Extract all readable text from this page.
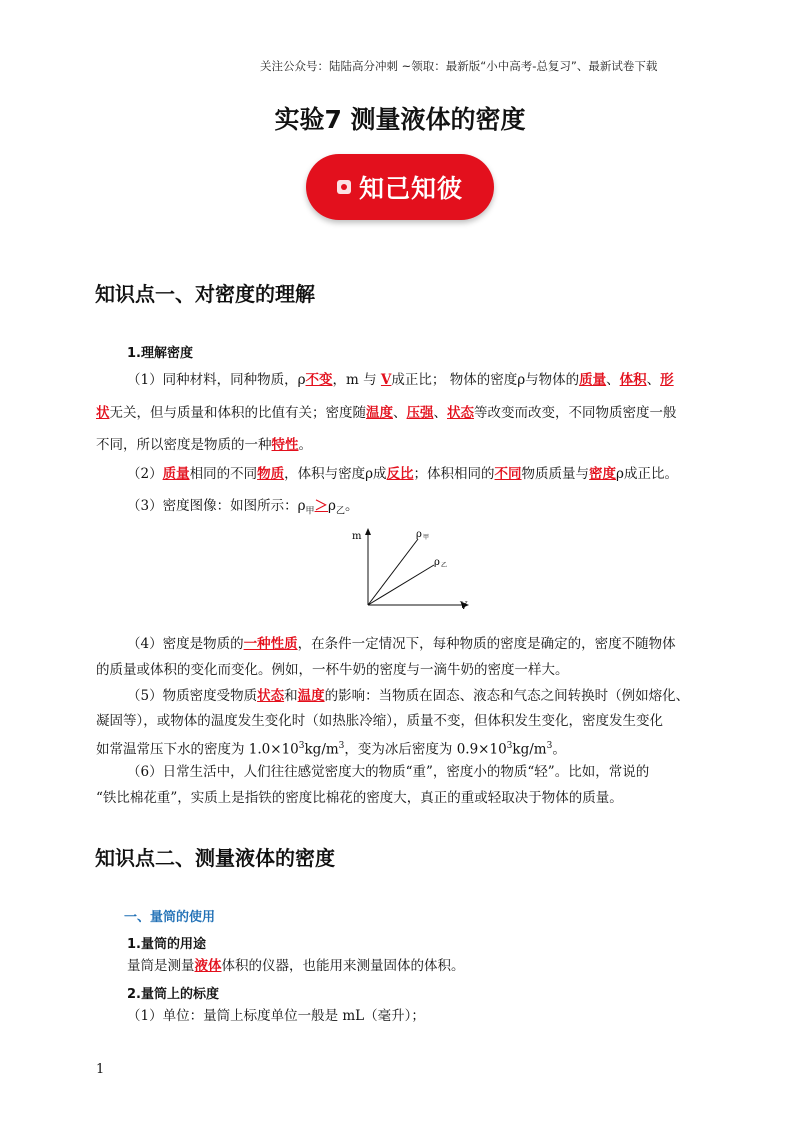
关注公众号：陆陆高分冲刺 ~领取：最新版“小中高考-总复习”、最新试卷下载
实验7 测量液体的密度
知己知彼
知识点一、对密度的理解
1.理解密度
（1）同种材料，同种物质，ρ不变，m 与 V成正比； 物体的密度ρ与物体的质量、体积、形
状无关，但与质量和体积的比值有关；密度随温度、压强、状态等改变而改变，不同物质密度一般
不同，所以密度是物质的一种特性。
（2）质量相同的不同物质，体积与密度ρ成反比；体积相同的不同物质质量与密度ρ成正比。
（3）密度图像：如图所示：$\rho_甲>\rho_乙$。
m
V
ρ 甲
ρ 乙
（4）密度是物质的一种性质，在条件一定情况下，每种物质的密度是确定的，密度不随物体
的质量或体积的变化而变化。例如，一杯牛奶的密度与一滴牛奶的密度一样大。
（5）物质密度受物质状态和温度的影响：当物质在固态、液态和气态之间转换时（例如熔化、
凝固等），或物体的温度发生变化时（如热胀冷缩），质量不变，但体积发生变化，密度发生变化
如常温常压下水的密度为 $1.0\times 10^3kg/m^3$，变为冰后密度为 $0.9\times 10^3kg/m^3$。
（6）日常生活中，人们往往感觉密度大的物质“重”，密度小的物质“轻”。比如，常说的
“铁比棉花重”，实质上是指铁的密度比棉花的密度大，真正的重或轻取决于物体的质量。
知识点二、测量液体的密度
一、量筒的使用
1.量筒的用途
量筒是测量液体体积的仪器，也能用来测量固体的体积。
2.量筒上的标度
（1）单位：量筒上标度单位一般是 mL（毫升）；
1
